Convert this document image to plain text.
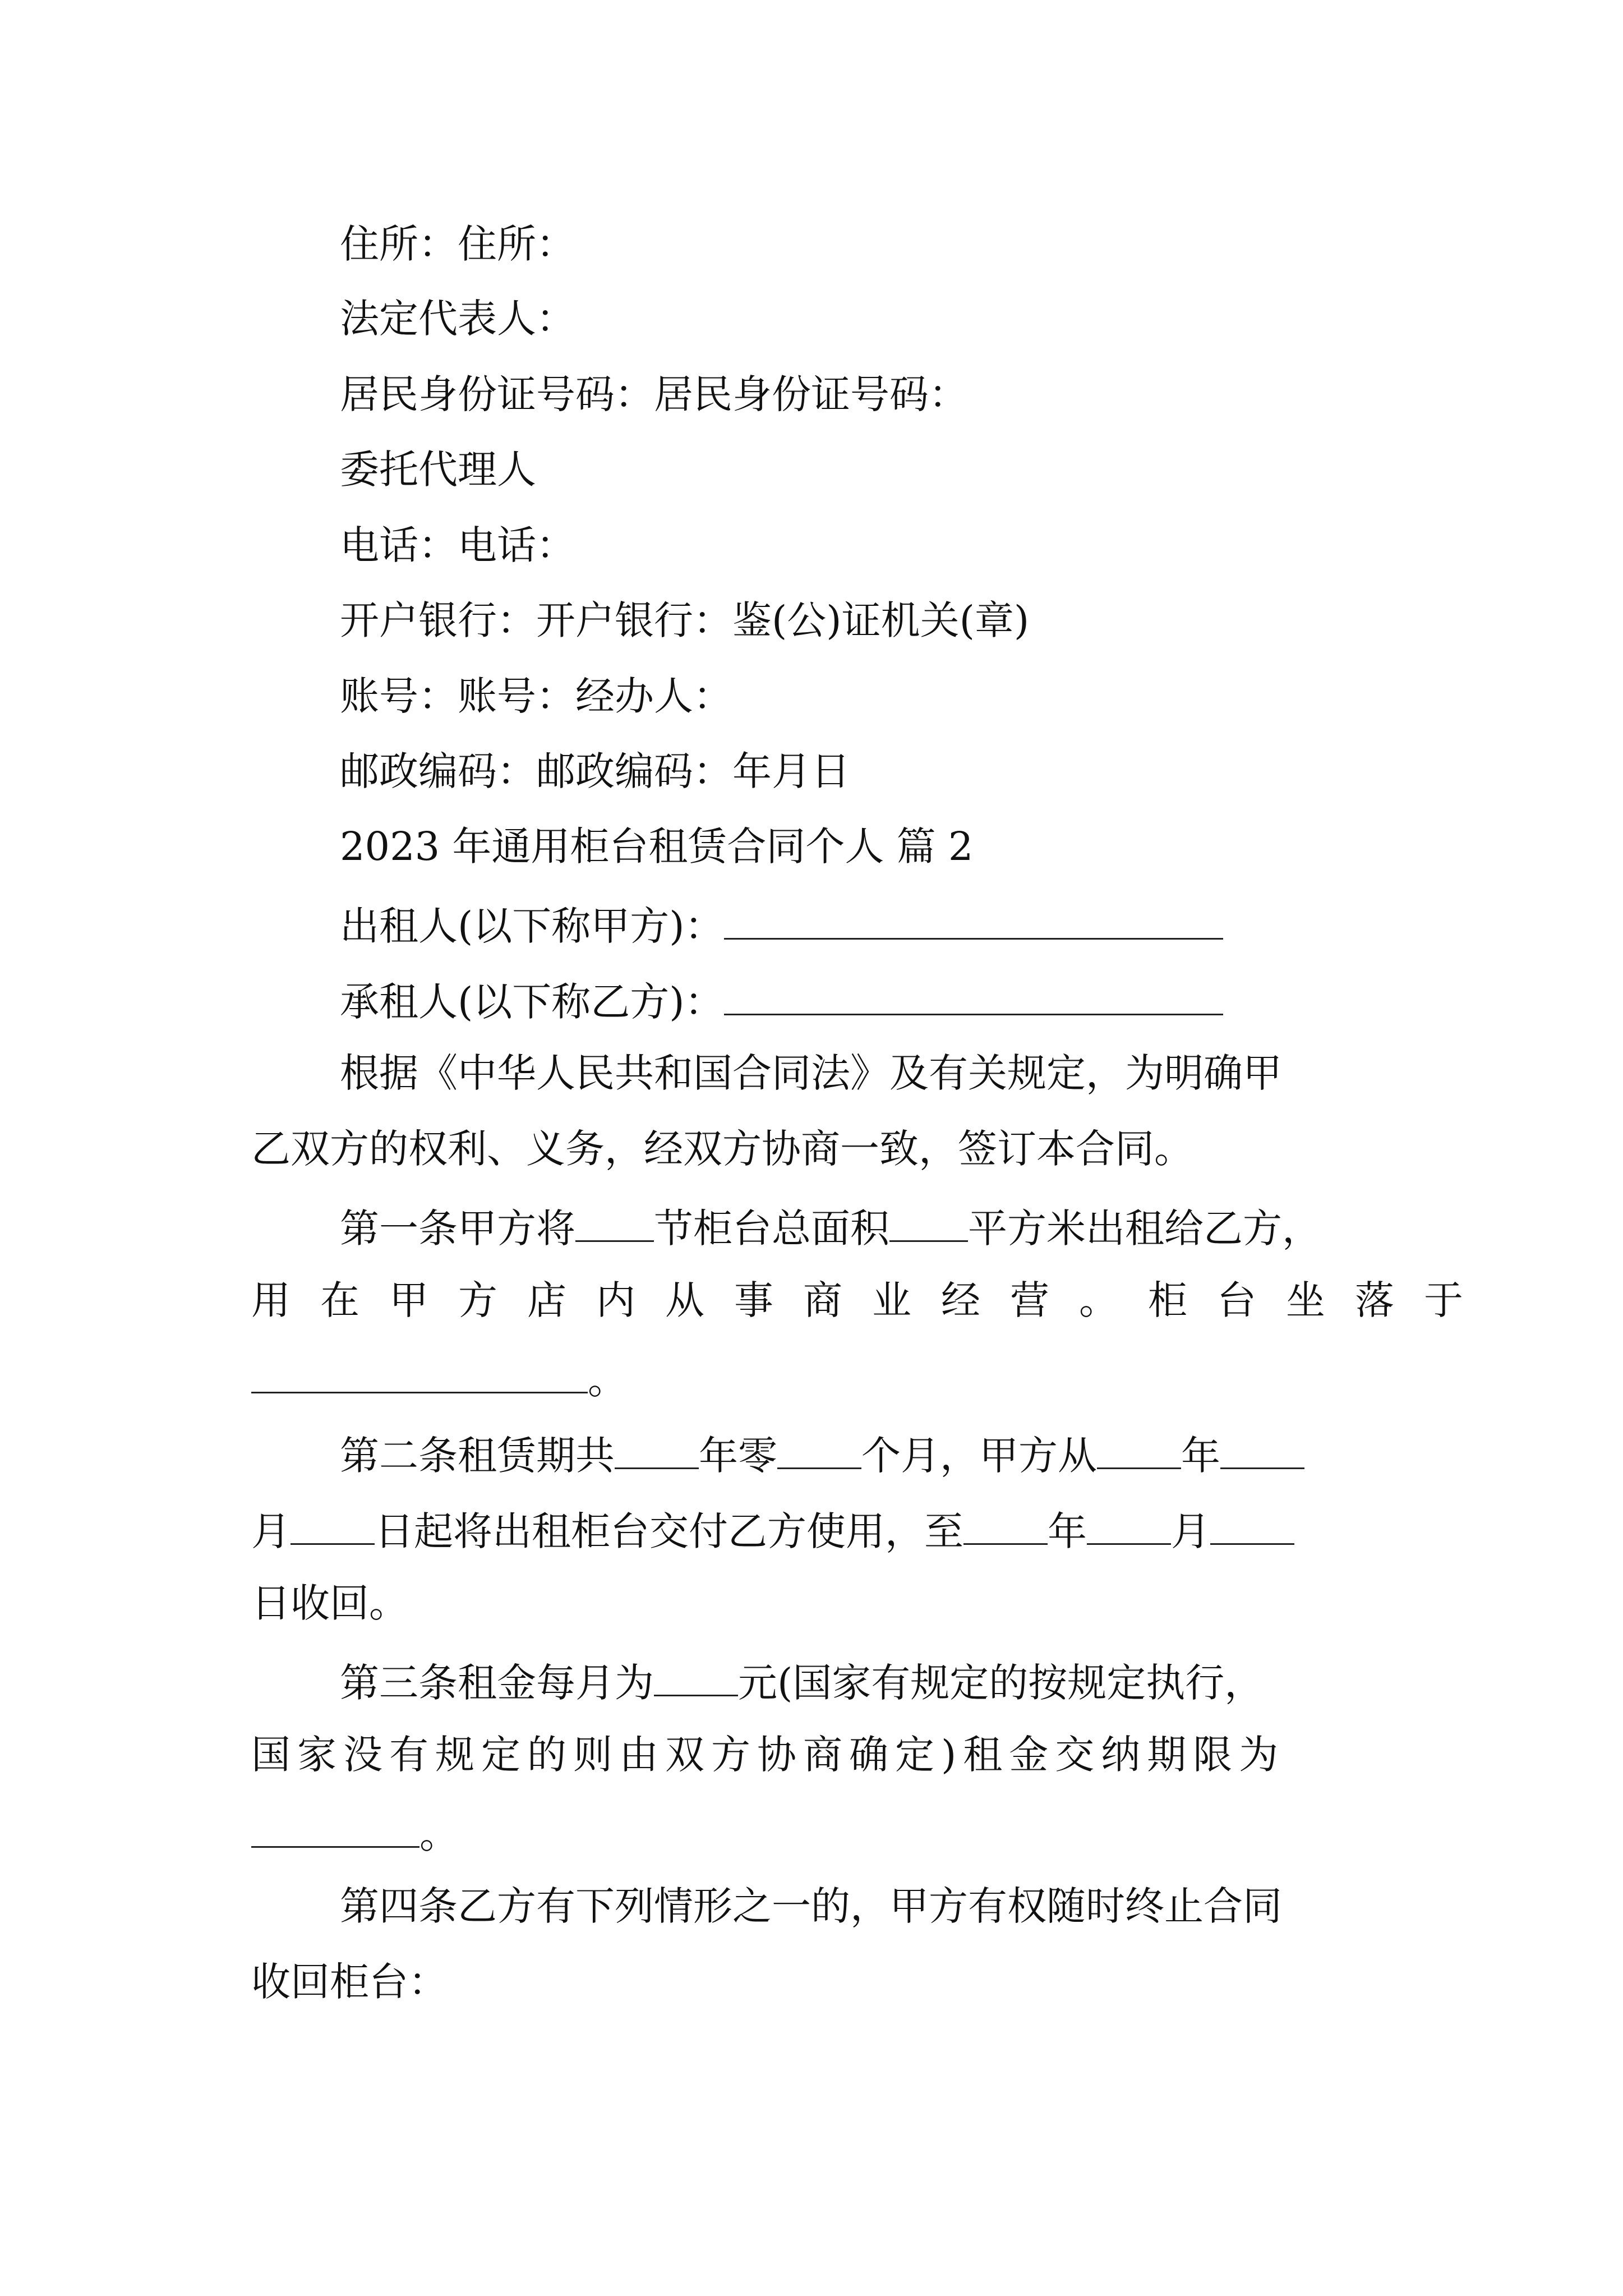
住所：住所：
法定代表人：
居民身份证号码：居民身份证号码：
委托代理人
电话：电话：
开户银行：开户银行：鉴(公)证机关(章)
账号：账号：经办人：
邮政编码：邮政编码：年月日
2023 年通用柜台租赁合同个人 篇 2
出租人(以下称甲方)：
承租人(以下称乙方)：
根据《中华人民共和国合同法》及有关规定，为明确甲
乙双方的权利、义务，经双方协商一致，签订本合同。
第一条甲方将 节柜台总面积 平方米出租给乙方，
用在甲方店内从事商业经营。柜台坐落于
。
第二条租赁期共 年零 个月，甲方从 年
月 日起将出租柜台交付乙方使用，至 年 月
日收回。
第三条租金每月为 元(国家有规定的按规定执行，
国家没有规定的则由双方协商确定)租金交纳期限为
。
第四条乙方有下列情形之一的，甲方有权随时终止合同
收回柜台：
